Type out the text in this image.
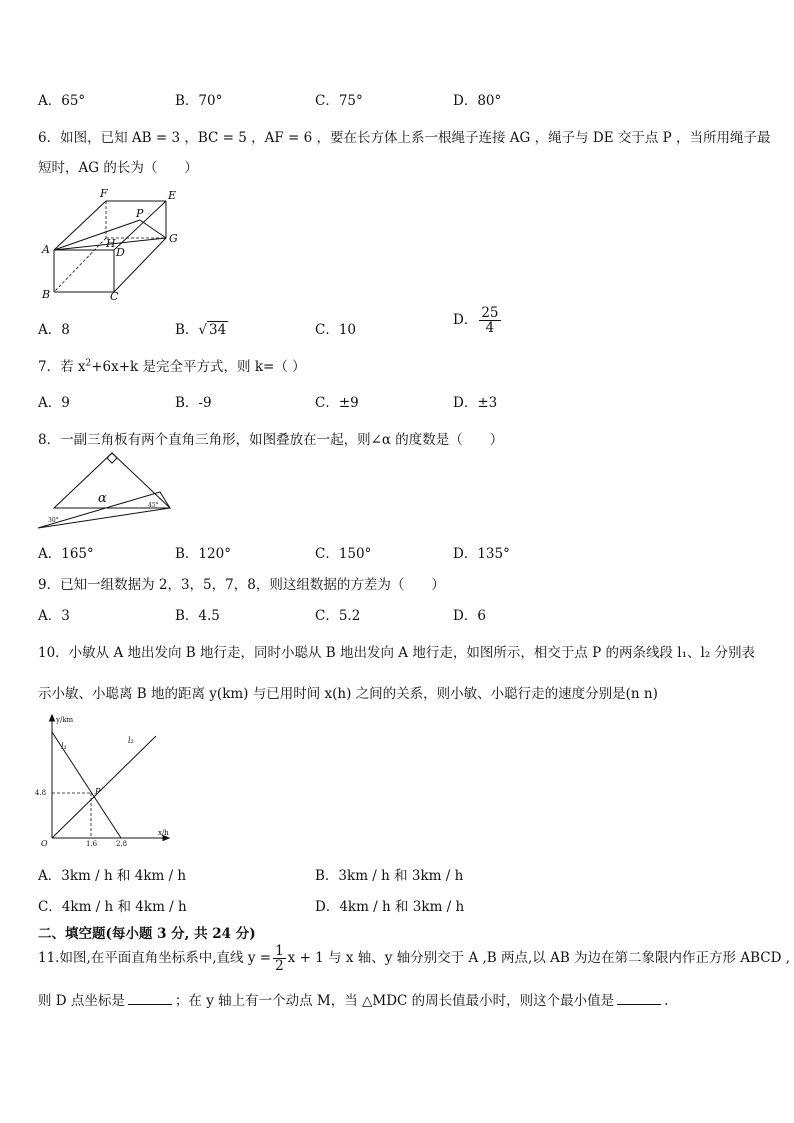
A．65°	B．70°	C．75°	D．80°
6．如图，已知 AB = 3 ，BC = 5 ，AF = 6 ，要在长方体上系一根绳子连接 AG ，绳子与 DE 交于点 P ，当所用绳子最
短时，AG 的长为（　　）
F	E
P
G
A	H
D
B	C
A．8	B．√ 34	C．10
D． $\frac{25}{4}$
7．若 $x^2+6x+k$ 是完全平方式，则 k=（ ）
A．9	B．-9	C．±9	D．±3
8．一副三角板有两个直角三角形，如图叠放在一起，则∠α 的度数是（　　）
α
30°
45°
A．165°	B．120°	C．150°	D．135°
9．已知一组数据为 2，3，5，7，8，则这组数据的方差为（　　）
A．3	B．4.5	C．5.2	D．6
10．小敏从 A 地出发向 B 地行走，同时小聪从 B 地出发向 A 地行走，如图所示，相交于点 P 的两条线段 l₁、l₂ 分别表
示小敏、小聪离 B 地的距离 y(km) 与已用时间 x(h) 之间的关系，则小敏、小聪行走的速度分别是(n n)
y/km
x/h
4.8
1.6	2.8
O
P
l₁
l₂
A．3km / h 和 4km / h	B．3km / h 和 3km / h
C．4km / h 和 4km / h	D．4km / h 和 3km / h
二、填空题(每小题 3 分, 共 24 分)
11.如图,在平面直角坐标系中,直线 $y = \frac{1}{2}$ x + 1 与 x 轴、y 轴分别交于 A ,B 两点,以 AB 为边在第二象限内作正方形 ABCD ,
则 D 点坐标是	；在 y 轴上有一个动点 M，当 △MDC 的周长值最小时，则这个最小值是	.
